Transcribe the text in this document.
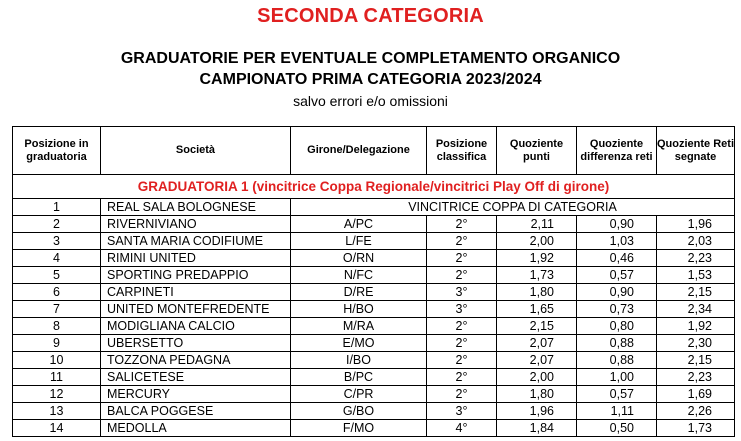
SECONDA CATEGORIA
GRADUATORIE PER EVENTUALE COMPLETAMENTO ORGANICO
CAMPIONATO PRIMA CATEGORIA 2023/2024
salvo errori e/o omissioni
Posizione in graduatoria	Società	Girone/Delegazione	Posizione classifica	Quoziente punti	Quoziente differenza reti	Quoziente Reti segnate
GRADUATORIA 1 (vincitrice Coppa Regionale/vincitrici Play Off di girone)						
1	REAL SALA BOLOGNESE	VINCITRICE COPPA DI CATEGORIA				
2	RIVERNIVIANO	A/PC	2°	2,11	0,90	1,96
3	SANTA MARIA CODIFIUME	L/FE	2°	2,00	1,03	2,03
4	RIMINI UNITED	O/RN	2°	1,92	0,46	2,23
5	SPORTING PREDAPPIO	N/FC	2°	1,73	0,57	1,53
6	CARPINETI	D/RE	3°	1,80	0,90	2,15
7	UNITED MONTEFREDENTE	H/BO	3°	1,65	0,73	2,34
8	MODIGLIANA CALCIO	M/RA	2°	2,15	0,80	1,92
9	UBERSETTO	E/MO	2°	2,07	0,88	2,30
10	TOZZONA PEDAGNA	I/BO	2°	2,07	0,88	2,15
11	SALICETESE	B/PC	2°	2,00	1,00	2,23
12	MERCURY	C/PR	2°	1,80	0,57	1,69
13	BALCA POGGESE	G/BO	3°	1,96	1,11	2,26
14	MEDOLLA	F/MO	4°	1,84	0,50	1,73
